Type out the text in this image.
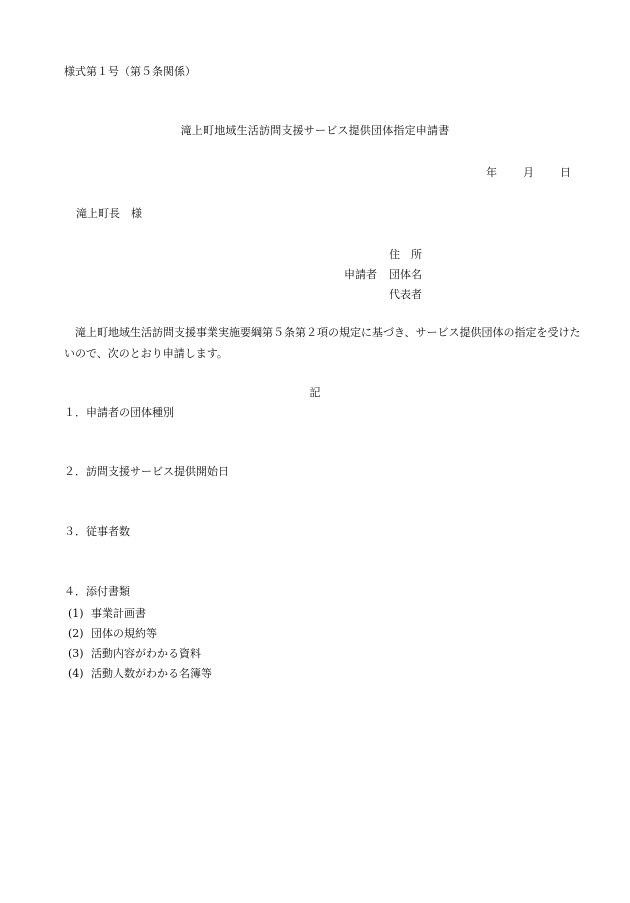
様式第１号（第５条関係）
滝上町地域生活訪問支援サービス提供団体指定申請書
年 月 日
滝上町長　様
住　所
申請者	団体名
代表者
滝上町地域生活訪問支援事業実施要綱第５条第２項の規定に基づき、サービス提供団体の指定を受けたいので、次のとおり申請します。
記
１．申請者の団体種別
２．訪問支援サービス提供開始日
３．従事者数
４．添付書類
(1) 事業計画書
(2) 団体の規約等
(3) 活動内容がわかる資料
(4) 活動人数がわかる名簿等
